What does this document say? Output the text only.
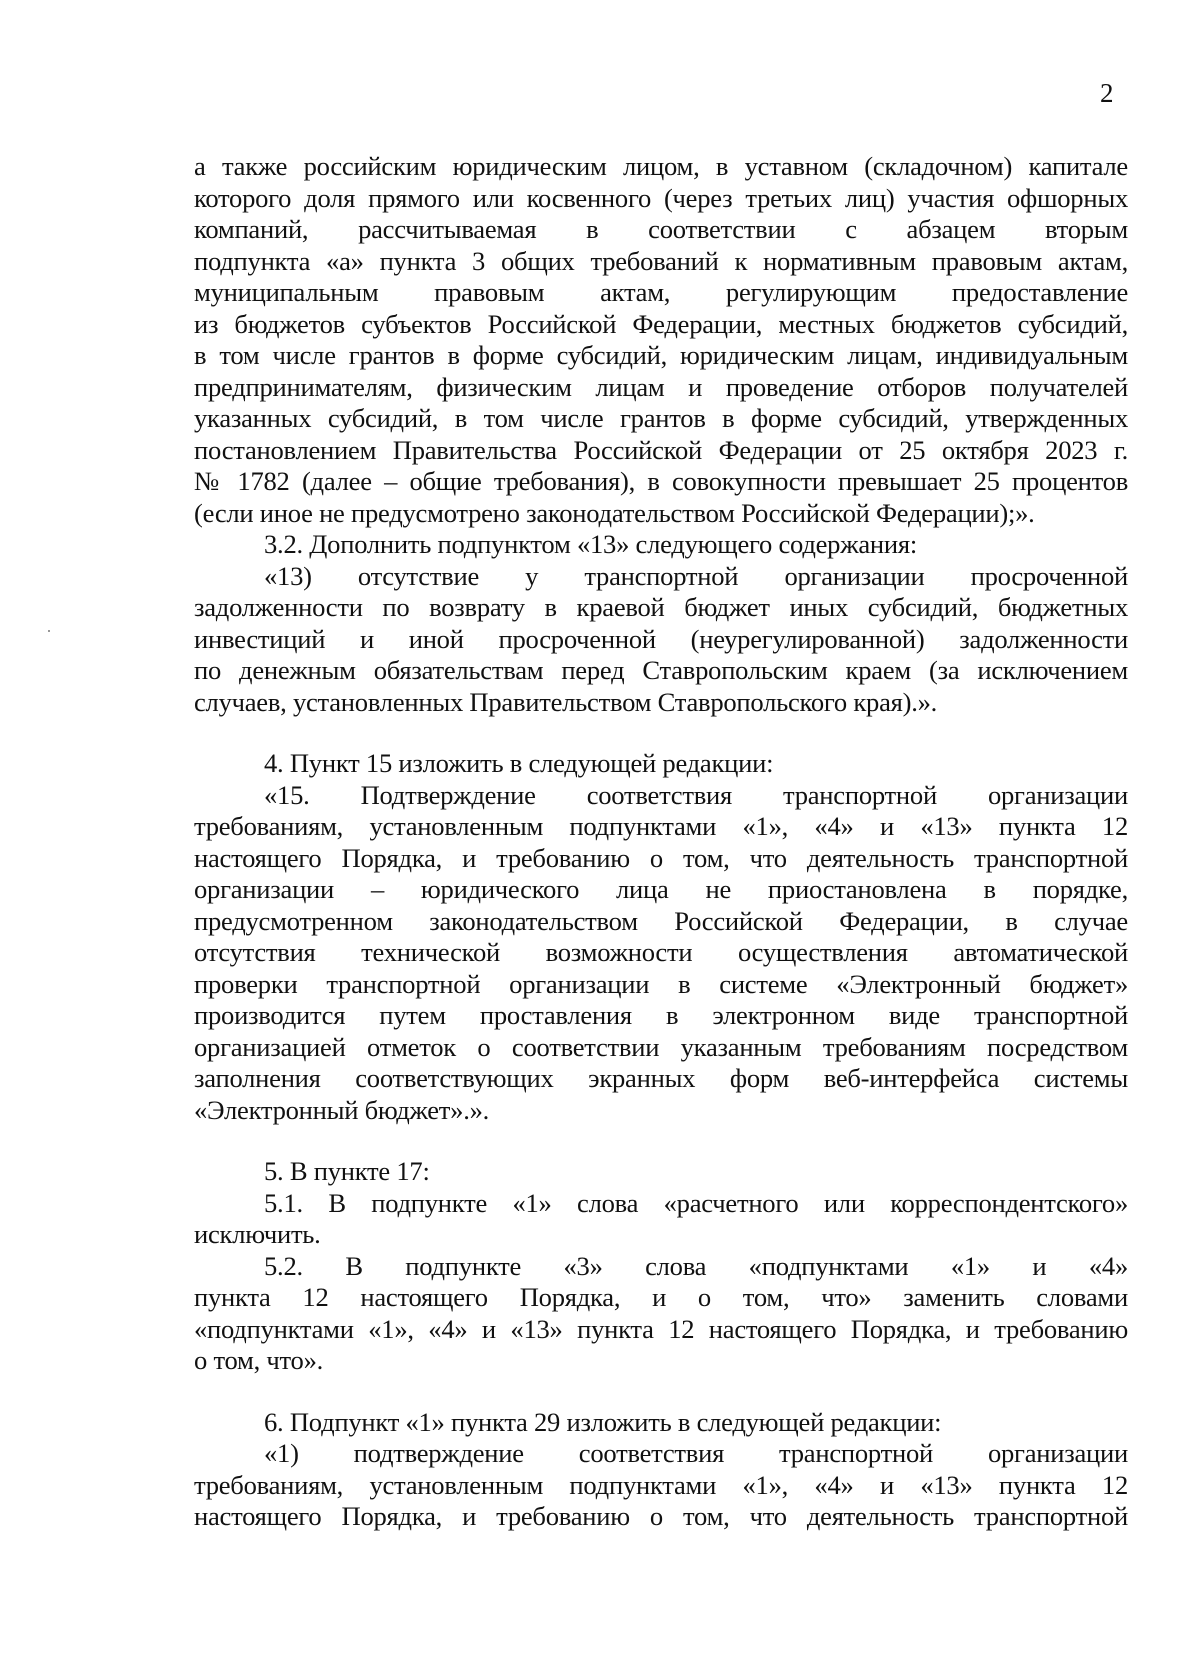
2
а также российским юридическим лицом, в уставном (складочном) капитале
которого доля прямого или косвенного (через третьих лиц) участия офшорных
компаний, рассчитываемая в соответствии с абзацем вторым
подпункта «а» пункта 3 общих требований к нормативным правовым актам,
муниципальным правовым актам, регулирующим предоставление
из бюджетов субъектов Российской Федерации, местных бюджетов субсидий,
в том числе грантов в форме субсидий, юридическим лицам, индивидуальным
предпринимателям, физическим лицам и проведение отборов получателей
указанных субсидий, в том числе грантов в форме субсидий, утвержденных
постановлением Правительства Российской Федерации от 25 октября 2023 г.
№ 1782 (далее – общие требования), в совокупности превышает 25 процентов
(если иное не предусмотрено законодательством Российской Федерации);».
3.2. Дополнить подпунктом «13» следующего содержания:
«13) отсутствие у транспортной организации просроченной
задолженности по возврату в краевой бюджет иных субсидий, бюджетных
инвестиций и иной просроченной (неурегулированной) задолженности
по денежным обязательствам перед Ставропольским краем (за исключением
случаев, установленных Правительством Ставропольского края).».
4. Пункт 15 изложить в следующей редакции:
«15. Подтверждение соответствия транспортной организации
требованиям, установленным подпунктами «1», «4» и «13» пункта 12
настоящего Порядка, и требованию о том, что деятельность транспортной
организации – юридического лица не приостановлена в порядке,
предусмотренном законодательством Российской Федерации, в случае
отсутствия технической возможности осуществления автоматической
проверки транспортной организации в системе «Электронный бюджет»
производится путем проставления в электронном виде транспортной
организацией отметок о соответствии указанным требованиям посредством
заполнения соответствующих экранных форм веб-интерфейса системы
«Электронный бюджет».».
5. В пункте 17:
5.1. В подпункте «1» слова «расчетного или корреспондентского»
исключить.
5.2. В подпункте «3» слова «подпунктами «1» и «4»
пункта 12 настоящего Порядка, и о том, что» заменить словами
«подпунктами «1», «4» и «13» пункта 12 настоящего Порядка, и требованию
о том, что».
6. Подпункт «1» пункта 29 изложить в следующей редакции:
«1) подтверждение соответствия транспортной организации
требованиям, установленным подпунктами «1», «4» и «13» пункта 12
настоящего Порядка, и требованию о том, что деятельность транспортной
